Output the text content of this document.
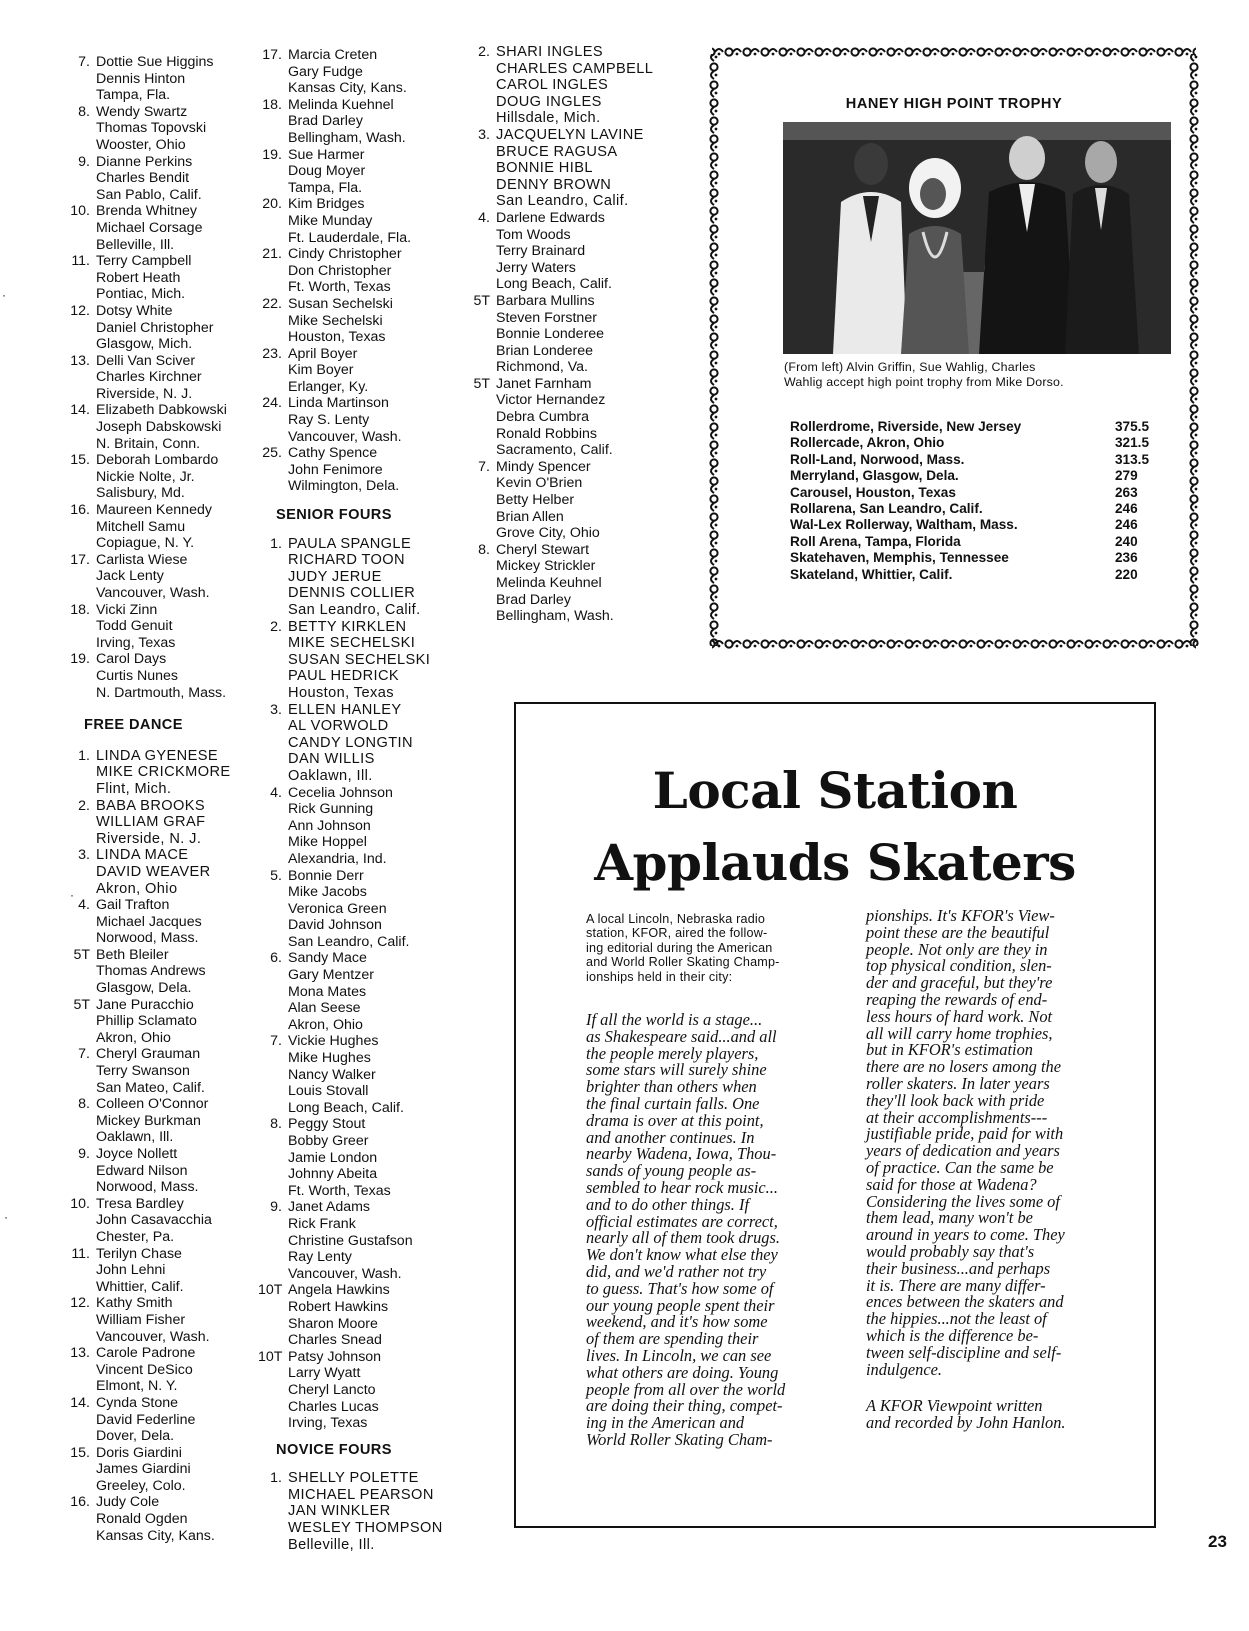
7. Dottie Sue Higgins
Dennis Hinton
Tampa, Fla.
8. Wendy Swartz
Thomas Topovski
Wooster, Ohio
9. Dianne Perkins
Charles Bendit
San Pablo, Calif.
10. Brenda Whitney
Michael Corsage
Belleville, Ill.
11. Terry Campbell
Robert Heath
Pontiac, Mich.
12. Dotsy White
Daniel Christopher
Glasgow, Mich.
13. Delli Van Sciver
Charles Kirchner
Riverside, N. J.
14. Elizabeth Dabkowski
Joseph Dabskowski
N. Britain, Conn.
15. Deborah Lombardo
Nickie Nolte, Jr.
Salisbury, Md.
16. Maureen Kennedy
Mitchell Samu
Copiague, N. Y.
17. Carlista Wiese
Jack Lenty
Vancouver, Wash.
18. Vicki Zinn
Todd Genuit
Irving, Texas
19. Carol Days
Curtis Nunes
N. Dartmouth, Mass.
FREE DANCE
1. LINDA GYENESE
MIKE CRICKMORE
Flint, Mich.
2. BABA BROOKS
WILLIAM GRAF
Riverside, N. J.
3. LINDA MACE
DAVID WEAVER
Akron, Ohio
4. Gail Trafton
Michael Jacques
Norwood, Mass.
5T Beth Bleiler
Thomas Andrews
Glasgow, Dela.
5T Jane Puracchio
Phillip Sclamato
Akron, Ohio
7. Cheryl Grauman
Terry Swanson
San Mateo, Calif.
8. Colleen O'Connor
Mickey Burkman
Oaklawn, Ill.
9. Joyce Nollett
Edward Nilson
Norwood, Mass.
10. Tresa Bardley
John Casavacchia
Chester, Pa.
11. Terilyn Chase
John Lehni
Whittier, Calif.
12. Kathy Smith
William Fisher
Vancouver, Wash.
13. Carole Padrone
Vincent DeSico
Elmont, N. Y.
14. Cynda Stone
David Federline
Dover, Dela.
15. Doris Giardini
James Giardini
Greeley, Colo.
16. Judy Cole
Ronald Ogden
Kansas City, Kans.
17. Marcia Creten
Gary Fudge
Kansas City, Kans.
18. Melinda Kuehnel
Brad Darley
Bellingham, Wash.
19. Sue Harmer
Doug Moyer
Tampa, Fla.
20. Kim Bridges
Mike Munday
Ft. Lauderdale, Fla.
21. Cindy Christopher
Don Christopher
Ft. Worth, Texas
22. Susan Sechelski
Mike Sechelski
Houston, Texas
23. April Boyer
Kim Boyer
Erlanger, Ky.
24. Linda Martinson
Ray S. Lenty
Vancouver, Wash.
25. Cathy Spence
John Fenimore
Wilmington, Dela.
SENIOR FOURS
1. PAULA SPANGLE
RICHARD TOON
JUDY JERUE
DENNIS COLLIER
San Leandro, Calif.
2. BETTY KIRKLEN
MIKE SECHELSKI
SUSAN SECHELSKI
PAUL HEDRICK
Houston, Texas
3. ELLEN HANLEY
AL VORWOLD
CANDY LONGTIN
DAN WILLIS
Oaklawn, Ill.
4. Cecelia Johnson
Rick Gunning
Ann Johnson
Mike Hoppel
Alexandria, Ind.
5. Bonnie Derr
Mike Jacobs
Veronica Green
David Johnson
San Leandro, Calif.
6. Sandy Mace
Gary Mentzer
Mona Mates
Alan Seese
Akron, Ohio
7. Vickie Hughes
Mike Hughes
Nancy Walker
Louis Stovall
Long Beach, Calif.
8. Peggy Stout
Bobby Greer
Jamie London
Johnny Abeita
Ft. Worth, Texas
9. Janet Adams
Rick Frank
Christine Gustafson
Ray Lenty
Vancouver, Wash.
10T Angela Hawkins
Robert Hawkins
Sharon Moore
Charles Snead
10T Patsy Johnson
Larry Wyatt
Cheryl Lancto
Charles Lucas
Irving, Texas
NOVICE FOURS
1. SHELLY POLETTE
MICHAEL PEARSON
JAN WINKLER
WESLEY THOMPSON
Belleville, Ill.
2. SHARI INGLES
CHARLES CAMPBELL
CAROL INGLES
DOUG INGLES
Hillsdale, Mich.
3. JACQUELYN LAVINE
BRUCE RAGUSA
BONNIE HIBL
DENNY BROWN
San Leandro, Calif.
4. Darlene Edwards
Tom Woods
Terry Brainard
Jerry Waters
Long Beach, Calif.
5T Barbara Mullins
Steven Forstner
Bonnie Londeree
Brian Londeree
Richmond, Va.
5T Janet Farnham
Victor Hernandez
Debra Cumbra
Ronald Robbins
Sacramento, Calif.
7. Mindy Spencer
Kevin O'Brien
Betty Helber
Brian Allen
Grove City, Ohio
8. Cheryl Stewart
Mickey Strickler
Melinda Keuhnel
Brad Darley
Bellingham, Wash.
HANEY HIGH POINT TROPHY
(From left) Alvin Griffin, Sue Wahlig, Charles
Wahlig accept high point trophy from Mike Dorso.
Rollerdrome, Riverside, New Jersey	375.5
Rollercade, Akron, Ohio	321.5
Roll-Land, Norwood, Mass.	313.5
Merryland, Glasgow, Dela.	279
Carousel, Houston, Texas	263
Rollarena, San Leandro, Calif.	246
Wal-Lex Rollerway, Waltham, Mass.	246
Roll Arena, Tampa, Florida	240
Skatehaven, Memphis, Tennessee	236
Skateland, Whittier, Calif.	220
Local Station
Applauds Skaters
A local Lincoln, Nebraska radio
station, KFOR, aired the follow-
ing editorial during the American
and World Roller Skating Champ-
ionships held in their city:
If all the world is a stage...
as Shakespeare said...and all
the people merely players,
some stars will surely shine
brighter than others when
the final curtain falls. One
drama is over at this point,
and another continues. In
nearby Wadena, Iowa, Thou-
sands of young people as-
sembled to hear rock music...
and to do other things. If
official estimates are correct,
nearly all of them took drugs.
We don't know what else they
did, and we'd rather not try
to guess. That's how some of
our young people spent their
weekend, and it's how some
of them are spending their
lives. In Lincoln, we can see
what others are doing. Young
people from all over the world
are doing their thing, compet-
ing in the American and
World Roller Skating Cham-
pionships. It's KFOR's View-
point these are the beautiful
people. Not only are they in
top physical condition, slen-
der and graceful, but they're
reaping the rewards of end-
less hours of hard work. Not
all will carry home trophies,
but in KFOR's estimation
there are no losers among the
roller skaters. In later years
they'll look back with pride
at their accomplishments---
justifiable pride, paid for with
years of dedication and years
of practice. Can the same be
said for those at Wadena?
Considering the lives some of
them lead, many won't be
around in years to come. They
would probably say that's
their business...and perhaps
it is. There are many differ-
ences between the skaters and
the hippies...not the least of
which is the difference be-
tween self-discipline and self-
indulgence.
A KFOR Viewpoint written
and recorded by John Hanlon.
23
·
·
·
